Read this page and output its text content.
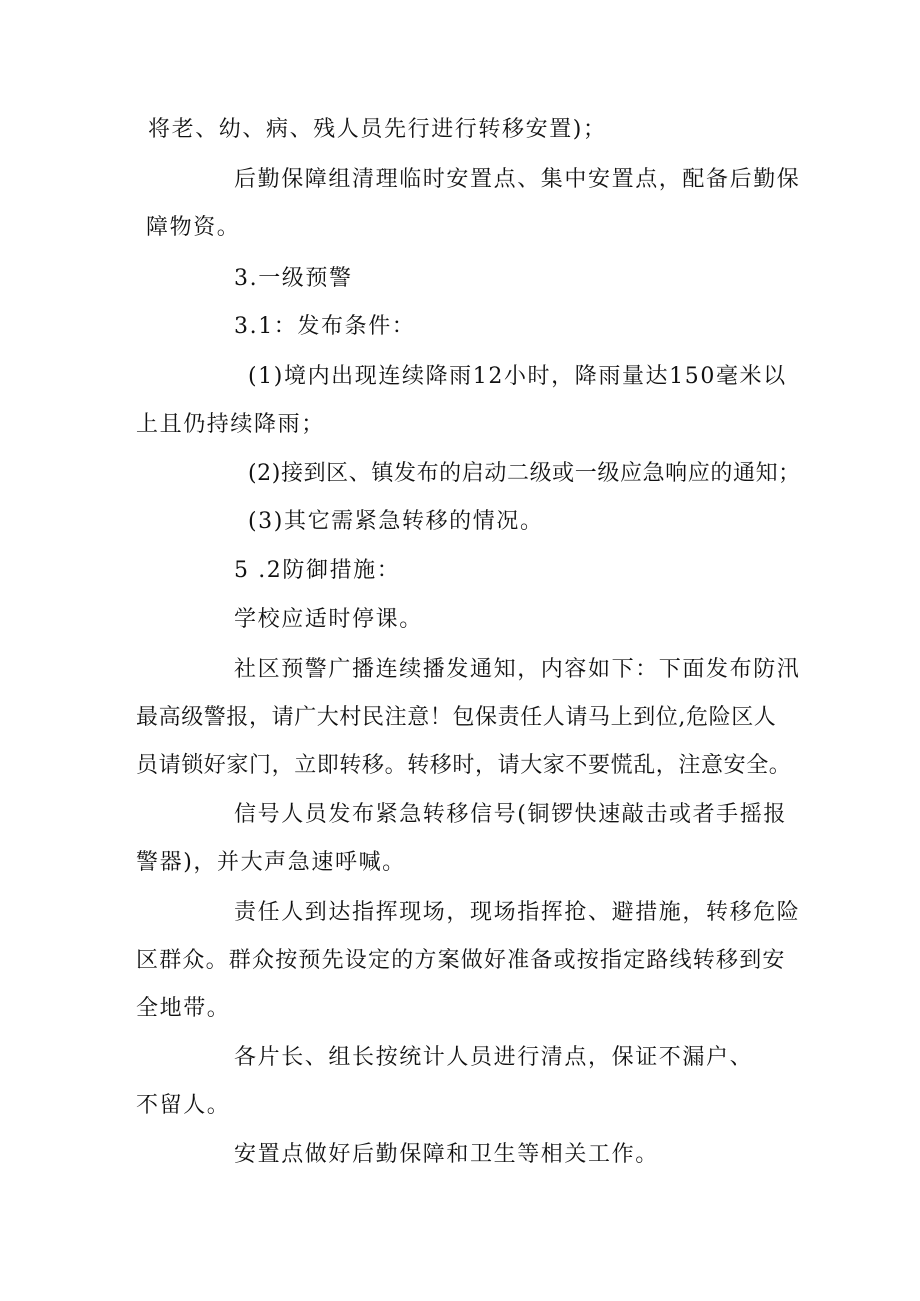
将老、幼、病、残人员先行进行转移安置)；
后勤保障组清理临时安置点、集中安置点，配备后勤保
障物资。
3.一级预警
3.1：发布条件：
(1)境内出现连续降雨12小时，降雨量达150毫米以
上且仍持续降雨；
(2)接到区、镇发布的启动二级或一级应急响应的通知；
(3)其它需紧急转移的情况。
5 .2防御措施：
学校应适时停课。
社区预警广播连续播发通知，内容如下：下面发布防汛
最高级警报，请广大村民注意！包保责任人请马上到位,危险区人
员请锁好家门，立即转移。转移时，请大家不要慌乱，注意安全。
信号人员发布紧急转移信号(铜锣快速敲击或者手摇报
警器)，并大声急速呼喊。
责任人到达指挥现场，现场指挥抢、避措施，转移危险
区群众。群众按预先设定的方案做好准备或按指定路线转移到安
全地带。
各片长、组长按统计人员进行清点，保证不漏户、
不留人。
安置点做好后勤保障和卫生等相关工作。
